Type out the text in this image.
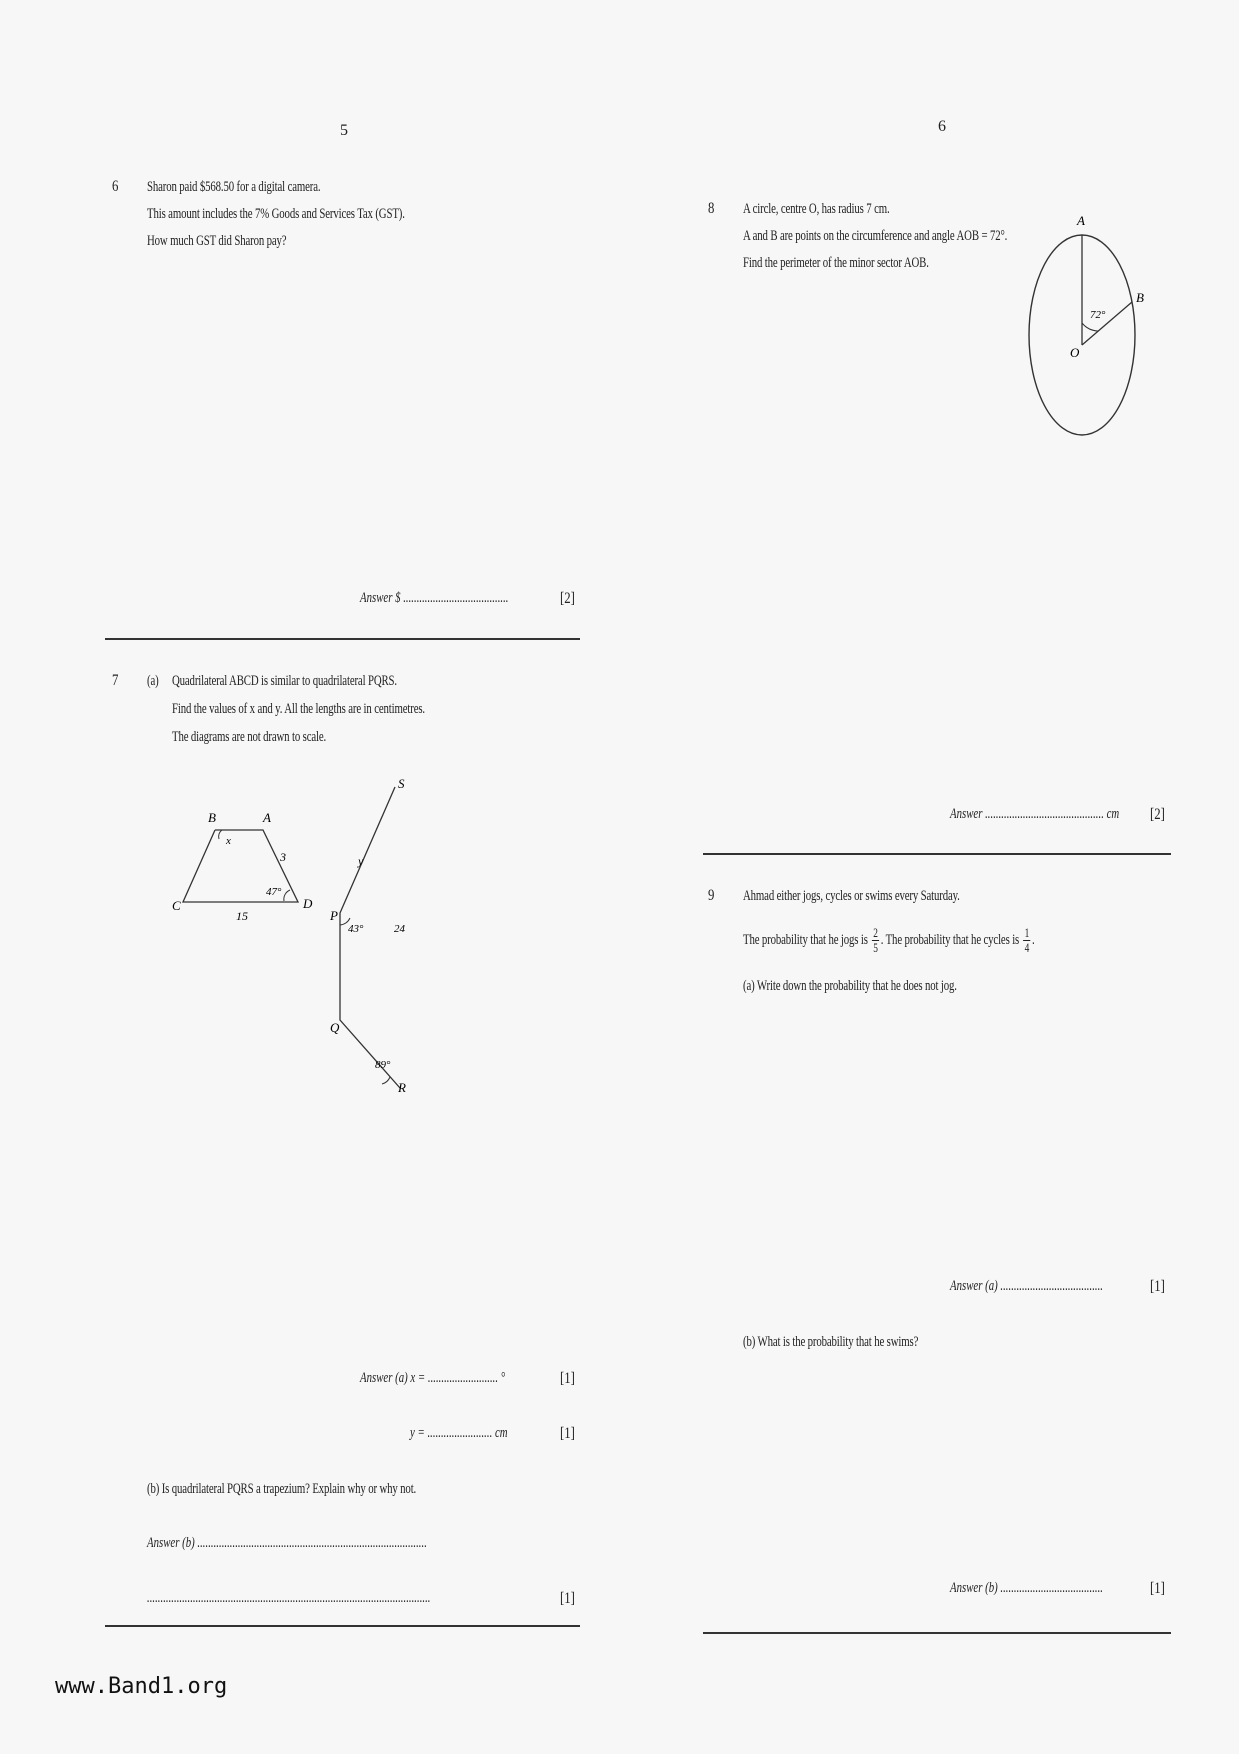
5
6 Sharon paid $568.50 for a digital camera.
This amount includes the 7% Goods and Services Tax (GST).
How much GST did Sharon pay?
Answer $ .......................................	[2]
7 (a) Quadrilateral ABCD is similar to quadrilateral PQRS.
Find the values of x and y. All the lengths are in centimetres.
The diagrams are not drawn to scale.
B	A
x
3
47°
C	D
15
S
y
P
43°	24
Q
89°
R
Answer (a) x = .......................... °	[1]
y = ........................ cm	[1]
(b) Is quadrilateral PQRS a trapezium? Explain why or why not.
Answer (b) .....................................................................................
.........................................................................................................	[1]
6
8 A circle, centre O, has radius 7 cm.
A and B are points on the circumference and angle AOB = 72°.
Find the perimeter of the minor sector AOB.
A
B
O
72°
Answer ............................................ cm [2]
9 Ahmad either jogs, cycles or swims every Saturday.
The probability that he jogs is $\frac{2}{5}$ . The probability that he cycles is $\frac{1}{4}$ .
(a) Write down the probability that he does not jog.
Answer (a) ......................................	[1]
(b) What is the probability that he swims?
Answer (b) ......................................	[1]
www.Band1.org
